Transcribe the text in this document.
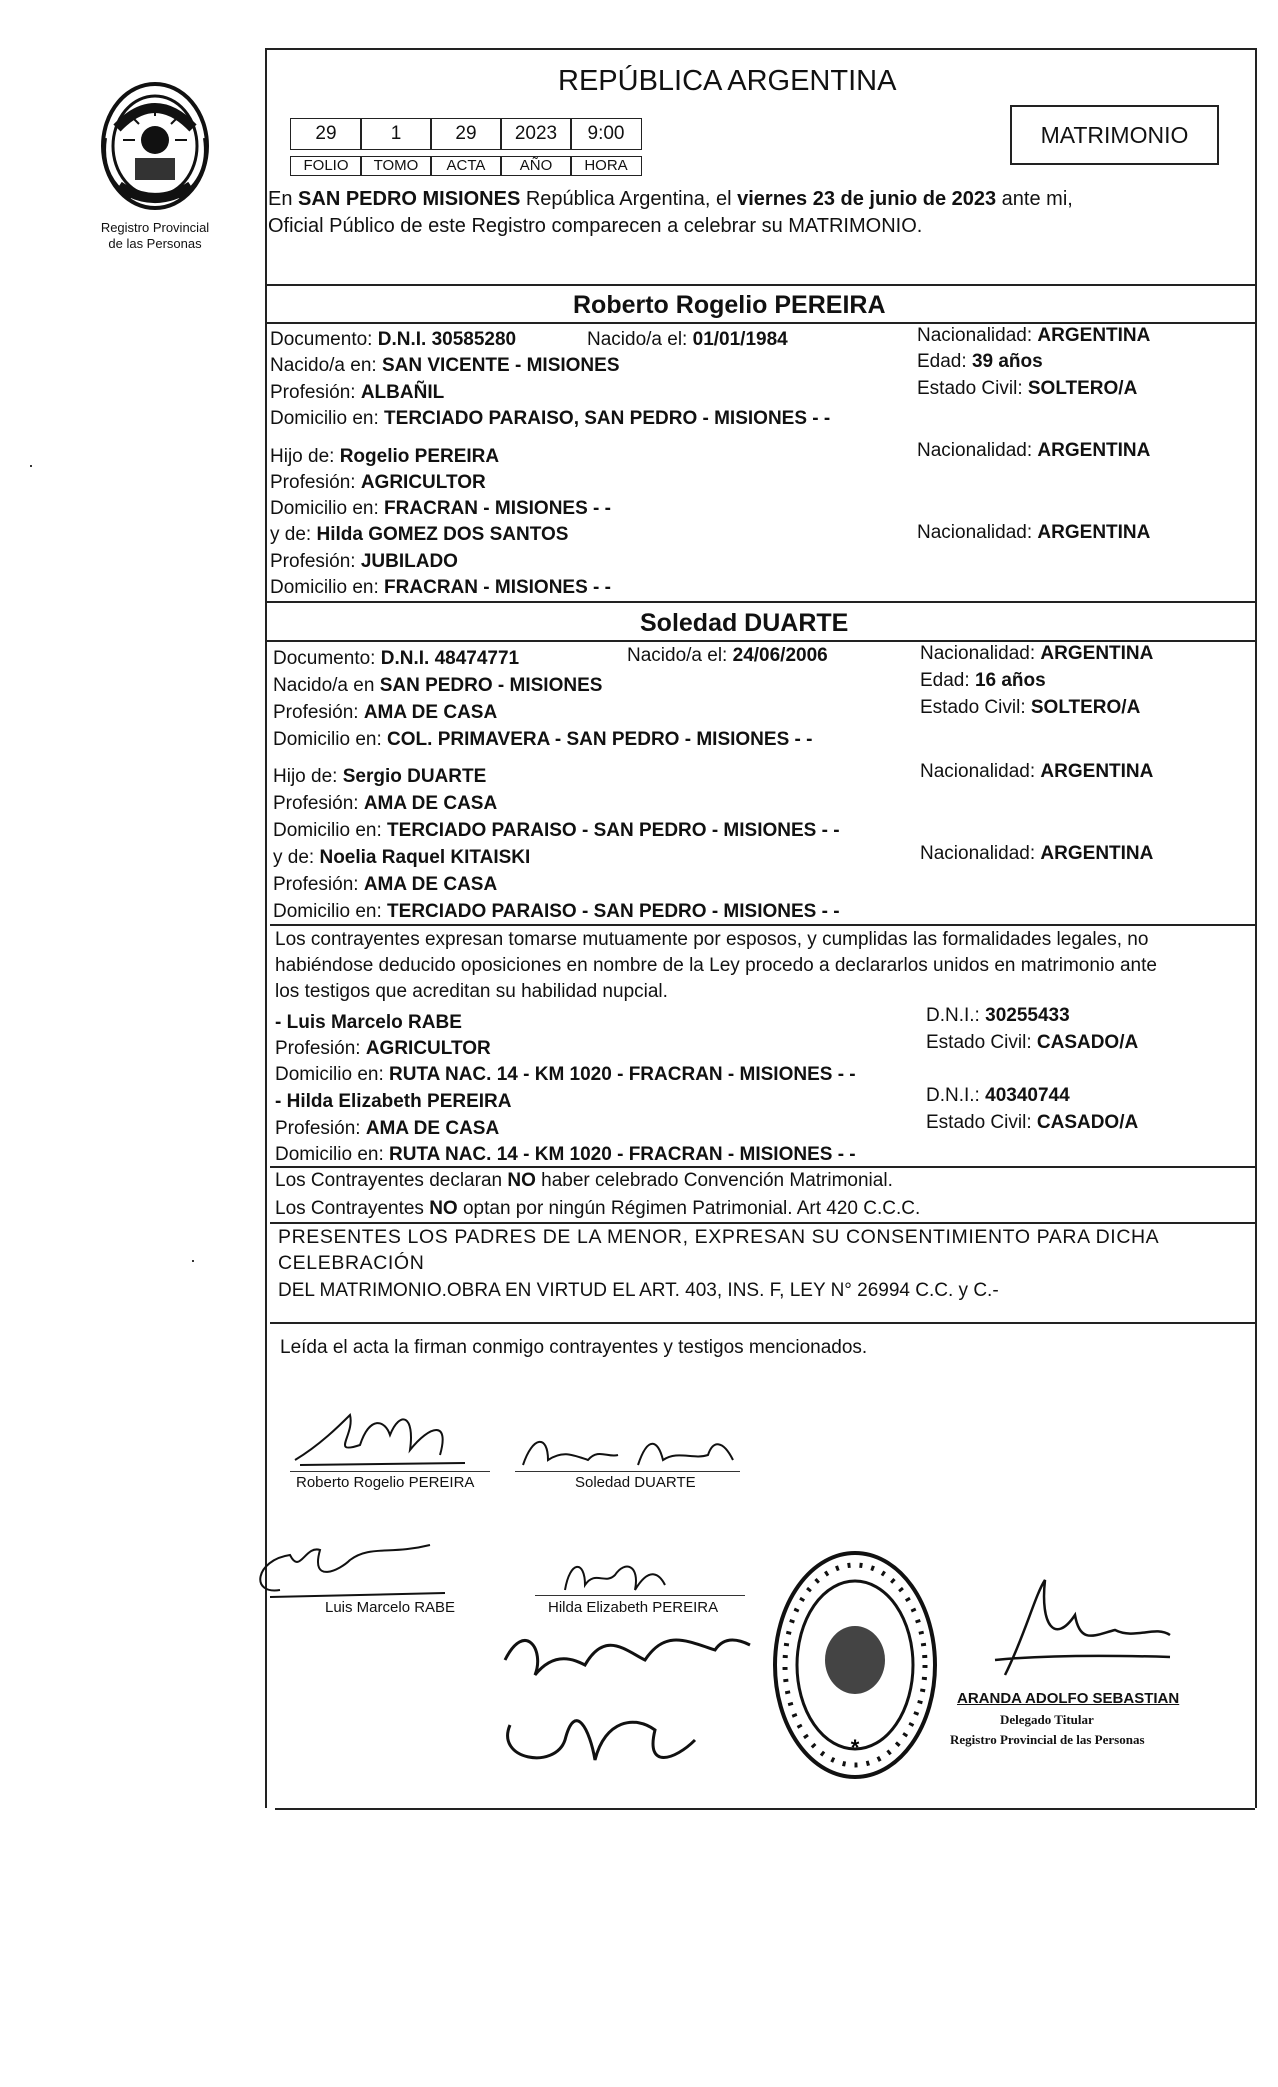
Registro Provincial
de las Personas
REPÚBLICA ARGENTINA
29	1	29	2023	9:00
FOLIO	TOMO	ACTA	AÑO	HORA
MATRIMONIO
En SAN PEDRO MISIONES República Argentina, el viernes 23 de junio de 2023 ante mi,
Oficial Público de este Registro comparecen a celebrar su MATRIMONIO.
Roberto Rogelio PEREIRA
Documento: D.N.I. 30585280	Nacido/a el: 01/01/1984	Nacionalidad: ARGENTINA
Nacido/a en: SAN VICENTE - MISIONES	Edad: 39 años
Profesión: ALBAÑIL	Estado Civil: SOLTERO/A
Domicilio en: TERCIADO PARAISO, SAN PEDRO - MISIONES - -
Hijo de: Rogelio PEREIRA	Nacionalidad: ARGENTINA
Profesión: AGRICULTOR
Domicilio en: FRACRAN - MISIONES - -
y de: Hilda GOMEZ DOS SANTOS	Nacionalidad: ARGENTINA
Profesión: JUBILADO
Domicilio en: FRACRAN - MISIONES - -
Soledad DUARTE
Documento: D.N.I. 48474771	Nacido/a el: 24/06/2006	Nacionalidad: ARGENTINA
Nacido/a en SAN PEDRO - MISIONES	Edad: 16 años
Profesión: AMA DE CASA	Estado Civil: SOLTERO/A
Domicilio en: COL. PRIMAVERA - SAN PEDRO - MISIONES - -
Hijo de: Sergio DUARTE	Nacionalidad: ARGENTINA
Profesión: AMA DE CASA
Domicilio en: TERCIADO PARAISO - SAN PEDRO - MISIONES - -
y de: Noelia Raquel KITAISKI	Nacionalidad: ARGENTINA
Profesión: AMA DE CASA
Domicilio en: TERCIADO PARAISO - SAN PEDRO - MISIONES - -
Los contrayentes expresan tomarse mutuamente por esposos, y cumplidas las formalidades legales, no
habiéndose deducido oposiciones en nombre de la Ley procedo a declararlos unidos en matrimonio ante
los testigos que acreditan su habilidad nupcial.
- Luis Marcelo RABE	D.N.I.: 30255433
Profesión: AGRICULTOR	Estado Civil: CASADO/A
Domicilio en: RUTA NAC. 14 - KM 1020 - FRACRAN - MISIONES - -
- Hilda Elizabeth PEREIRA	D.N.I.: 40340744
Profesión: AMA DE CASA	Estado Civil: CASADO/A
Domicilio en: RUTA NAC. 14 - KM 1020 - FRACRAN - MISIONES - -
Los Contrayentes declaran NO haber celebrado Convención Matrimonial.
Los Contrayentes NO optan por ningún Régimen Patrimonial. Art 420 C.C.C.
PRESENTES LOS PADRES DE LA MENOR, EXPRESAN SU CONSENTIMIENTO PARA DICHA
CELEBRACIÓN
DEL MATRIMONIO.OBRA EN VIRTUD EL ART. 403, INS. F, LEY N° 26994 C.C. y C.-
Leída el acta la firman conmigo contrayentes y testigos mencionados.
Roberto Rogelio PEREIRA	Soledad DUARTE
Luis Marcelo RABE	Hilda Elizabeth PEREIRA
*
ARANDA ADOLFO SEBASTIAN
Delegado Titular
Registro Provincial de las Personas
·
·
